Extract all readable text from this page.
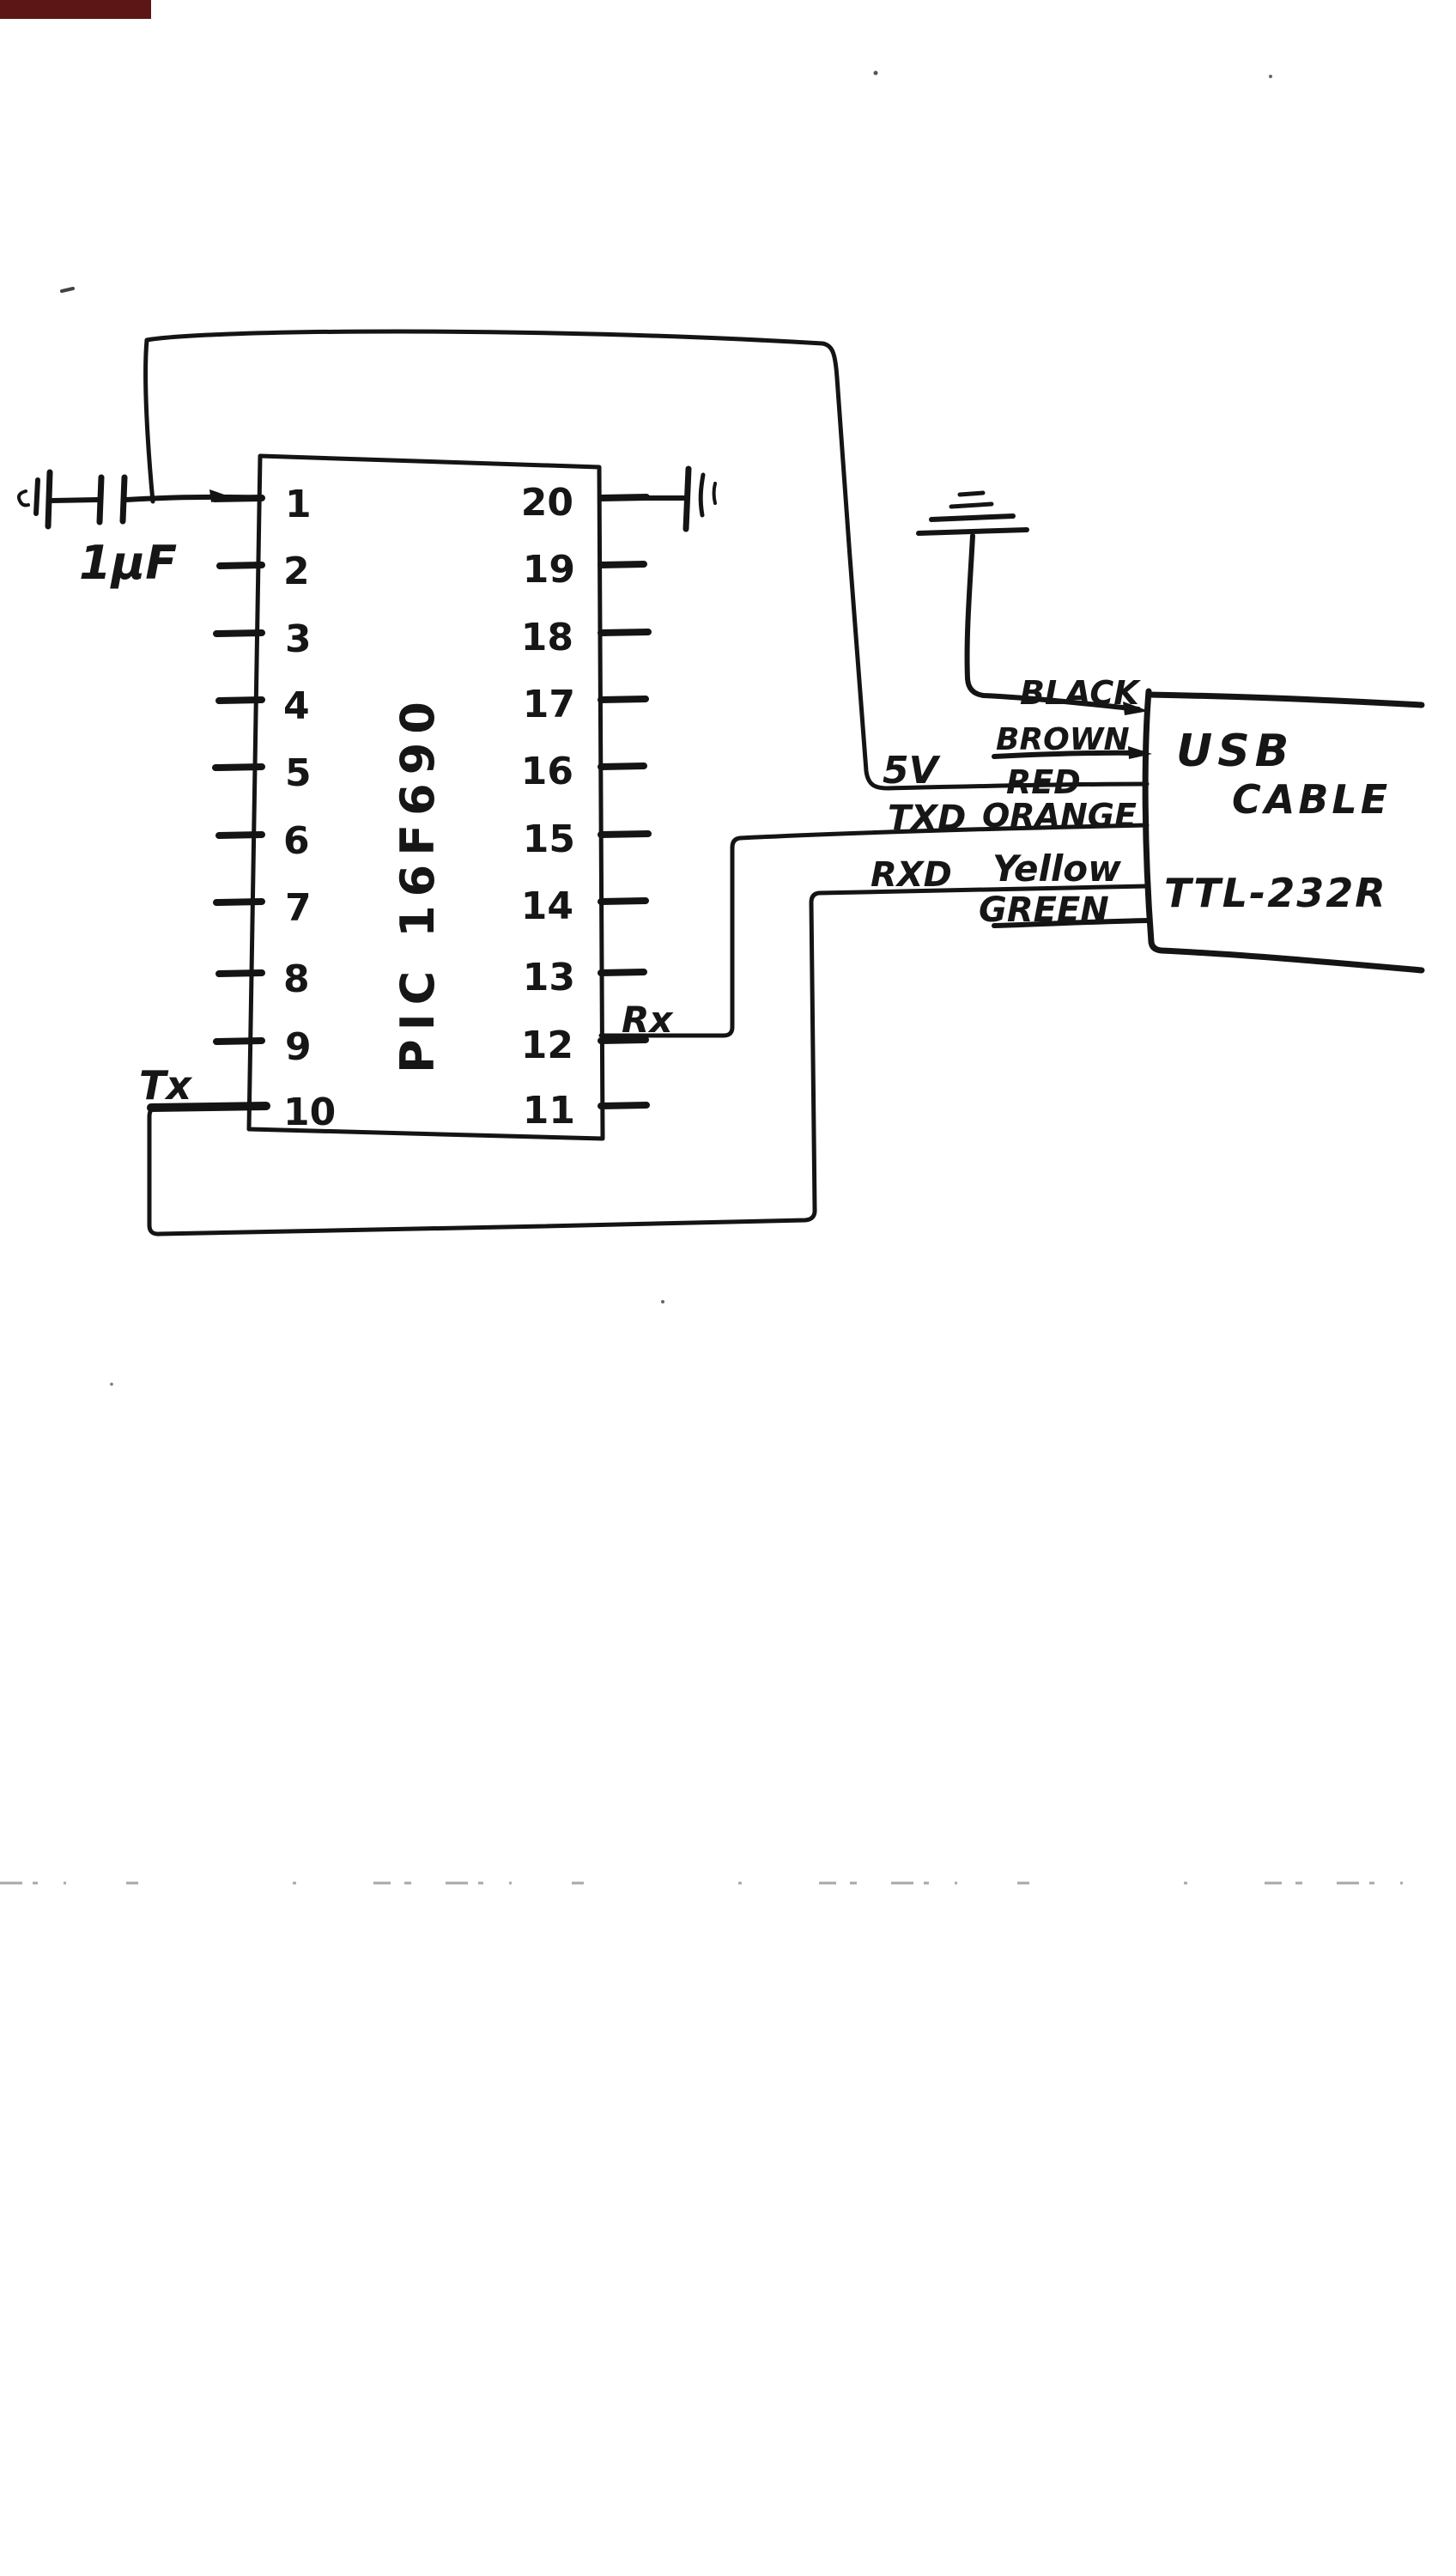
1µF
PIC 16F690
1
2
3
4
5
6
7
8
9
10
20
19
18
17
16
15
14
13
12
11
USB
CABLE
TTL-232R
BLACK
BROWN
5V RED
TXD ORANGE
RXD Yellow
GREEN
Rx
Tx
